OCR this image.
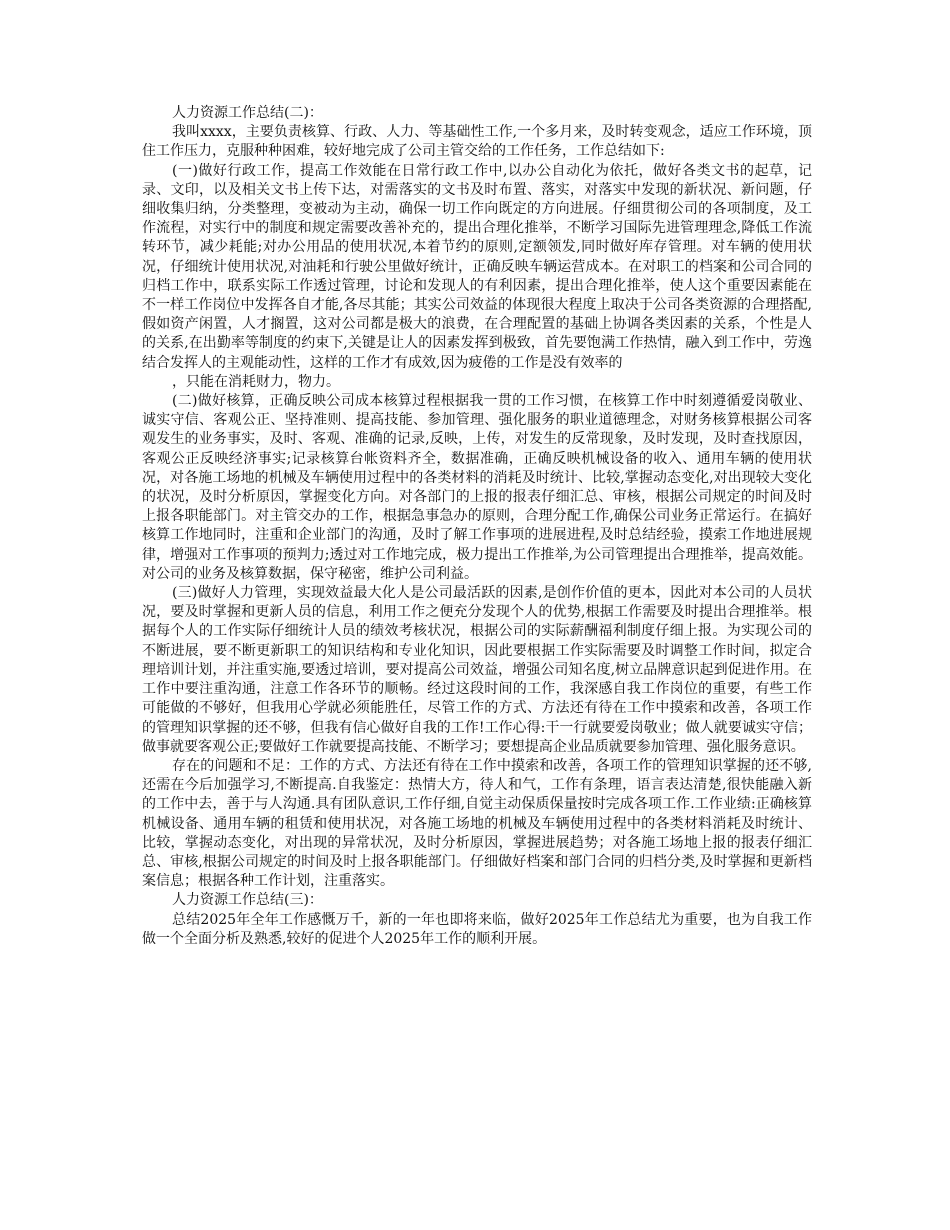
人力资源工作总结(二)：

我叫xxxx，主要负责核算、行政、人力、等基础性工作,一个多月来，及时转变观念，适应工作环境，顶住工作压力，克服种种困难，较好地完成了公司主管交给的工作任务，工作总结如下:

(一)做好行政工作，提高工作效能在日常行政工作中,以办公自动化为依托，做好各类文书的起草，记录、文印，以及相关文书上传下达，对需落实的文书及时布置、落实，对落实中发现的新状况、新问题，仔细收集归纳，分类整理，变被动为主动，确保一切工作向既定的方向进展。仔细贯彻公司的各项制度，及工作流程，对实行中的制度和规定需要改善补充的，提出合理化推举，不断学习国际先进管理理念,降低工作流转环节，减少耗能;对办公用品的使用状况,本着节约的原则,定额领发,同时做好库存管理。对车辆的使用状况，仔细统计使用状况,对油耗和行驶公里做好统计，正确反映车辆运营成本。在对职工的档案和公司合同的归档工作中，联系实际工作透过管理，讨论和发现人的有利因素，提出合理化推举，使人这个重要因素能在不一样工作岗位中发挥各自才能,各尽其能；其实公司效益的体现很大程度上取决于公司各类资源的合理搭配,假如资产闲置，人才搁置，这对公司都是极大的浪费，在合理配置的基础上协调各类因素的关系，个性是人的关系,在出勤率等制度的约束下,关键是让人的因素发挥到极致，首先要饱满工作热情，融入到工作中，劳逸结合发挥人的主观能动性，这样的工作才有成效,因为疲倦的工作是没有效率的

，只能在消耗财力，物力。

(二)做好核算，正确反映公司成本核算过程根据我一贯的工作习惯，在核算工作中时刻遵循爱岗敬业、诚实守信、客观公正、坚持准则、提高技能、参加管理、强化服务的职业道德理念，对财务核算根据公司客观发生的业务事实，及时、客观、准确的记录,反映，上传，对发生的反常现象，及时发现，及时查找原因，客观公正反映经济事实;记录核算台帐资料齐全，数据准确，正确反映机械设备的收入、通用车辆的使用状况，对各施工场地的机械及车辆使用过程中的各类材料的消耗及时统计、比较,掌握动态变化,对出现较大变化的状况，及时分析原因，掌握变化方向。对各部门的上报的报表仔细汇总、审核，根据公司规定的时间及时上报各职能部门。对主管交办的工作，根据急事急办的原则，合理分配工作,确保公司业务正常运行。在搞好核算工作地同时，注重和企业部门的沟通，及时了解工作事项的进展进程,及时总结经验，摸索工作地进展规律，增强对工作事项的预判力;透过对工作地完成，极力提出工作推举,为公司管理提出合理推举，提高效能。对公司的业务及核算数据，保守秘密，维护公司利益。

(三)做好人力管理，实现效益最大化人是公司最活跃的因素,是创作价值的更本，因此对本公司的人员状况，要及时掌握和更新人员的信息，利用工作之便充分发现个人的优势,根据工作需要及时提出合理推举。根据每个人的工作实际仔细统计人员的绩效考核状况，根据公司的实际薪酬福利制度仔细上报。为实现公司的不断进展，要不断更新职工的知识结构和专业化知识，因此要根据工作实际需要及时调整工作时间，拟定合理培训计划，并注重实施,要透过培训，要对提高公司效益，增强公司知名度,树立品牌意识起到促进作用。在工作中要注重沟通，注意工作各环节的顺畅。经过这段时间的工作，我深感自我工作岗位的重要，有些工作可能做的不够好，但我用心学就必须能胜任，尽管工作的方式、方法还有待在工作中摸索和改善，各项工作的管理知识掌握的还不够，但我有信心做好自我的工作!工作心得:干一行就要爱岗敬业；做人就要诚实守信；做事就要客观公正;要做好工作就要提高技能、不断学习；要想提高企业品质就要参加管理、强化服务意识。

存在的问题和不足：工作的方式、方法还有待在工作中摸索和改善，各项工作的管理知识掌握的还不够,还需在今后加强学习,不断提高.自我鉴定：热情大方，待人和气，工作有条理，语言表达清楚,很快能融入新的工作中去，善于与人沟通.具有团队意识,工作仔细,自觉主动保质保量按时完成各项工作.工作业绩:正确核算机械设备、通用车辆的租赁和使用状况，对各施工场地的机械及车辆使用过程中的各类材料消耗及时统计、比较，掌握动态变化，对出现的异常状况，及时分析原因，掌握进展趋势；对各施工场地上报的报表仔细汇总、审核,根据公司规定的时间及时上报各职能部门。仔细做好档案和部门合同的归档分类,及时掌握和更新档案信息；根据各种工作计划，注重落实。

人力资源工作总结(三)：

总结2025年全年工作感慨万千，新的一年也即将来临，做好2025年工作总结尤为重要，也为自我工作做一个全面分析及熟悉,较好的促进个人2025年工作的顺利开展。
